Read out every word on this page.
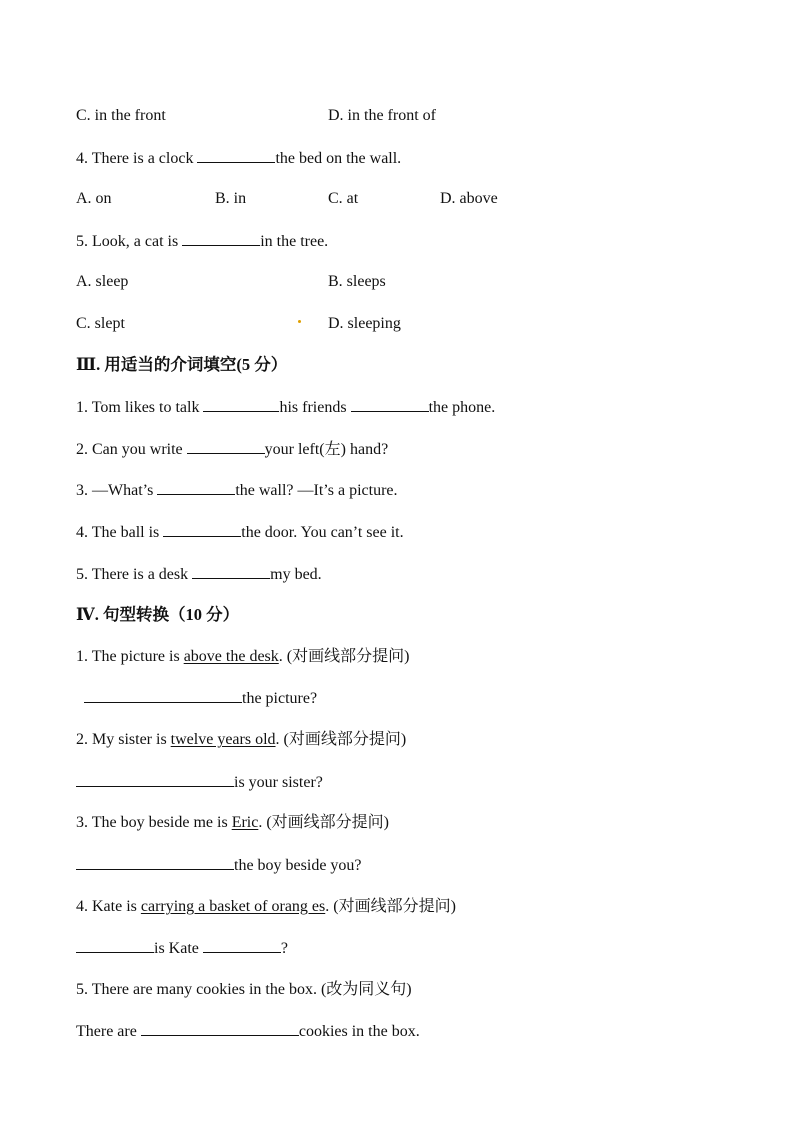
C. in the front	D. in the front of
4. There is a clock	the bed on the wall.
A. on	B. in	C. at	D. above
5. Look, a cat is	in the tree.
A. sleep	B. sleeps
C. slept	D. sleeping
Ⅲ. 用适当的介词填空(5 分）
1. Tom likes to talk	his friends	the phone.
2. Can you write	your left(左) hand?
3. —What’s	the wall? —It’s a picture.
4. The ball is	the door. You can’t see it.
5. There is a desk	my bed.
Ⅳ. 句型转换（10 分）
1. The picture is above the desk. (对画线部分提问)
the picture?
2. My sister is twelve years old. (对画线部分提问)
is your sister?
3. The boy beside me is Eric. (对画线部分提问)
the boy beside you?
4. Kate is carrying a basket of orang es. (对画线部分提问)
is Kate	?
5. There are many cookies in the box. (改为同义句)
There are	cookies in the box.
